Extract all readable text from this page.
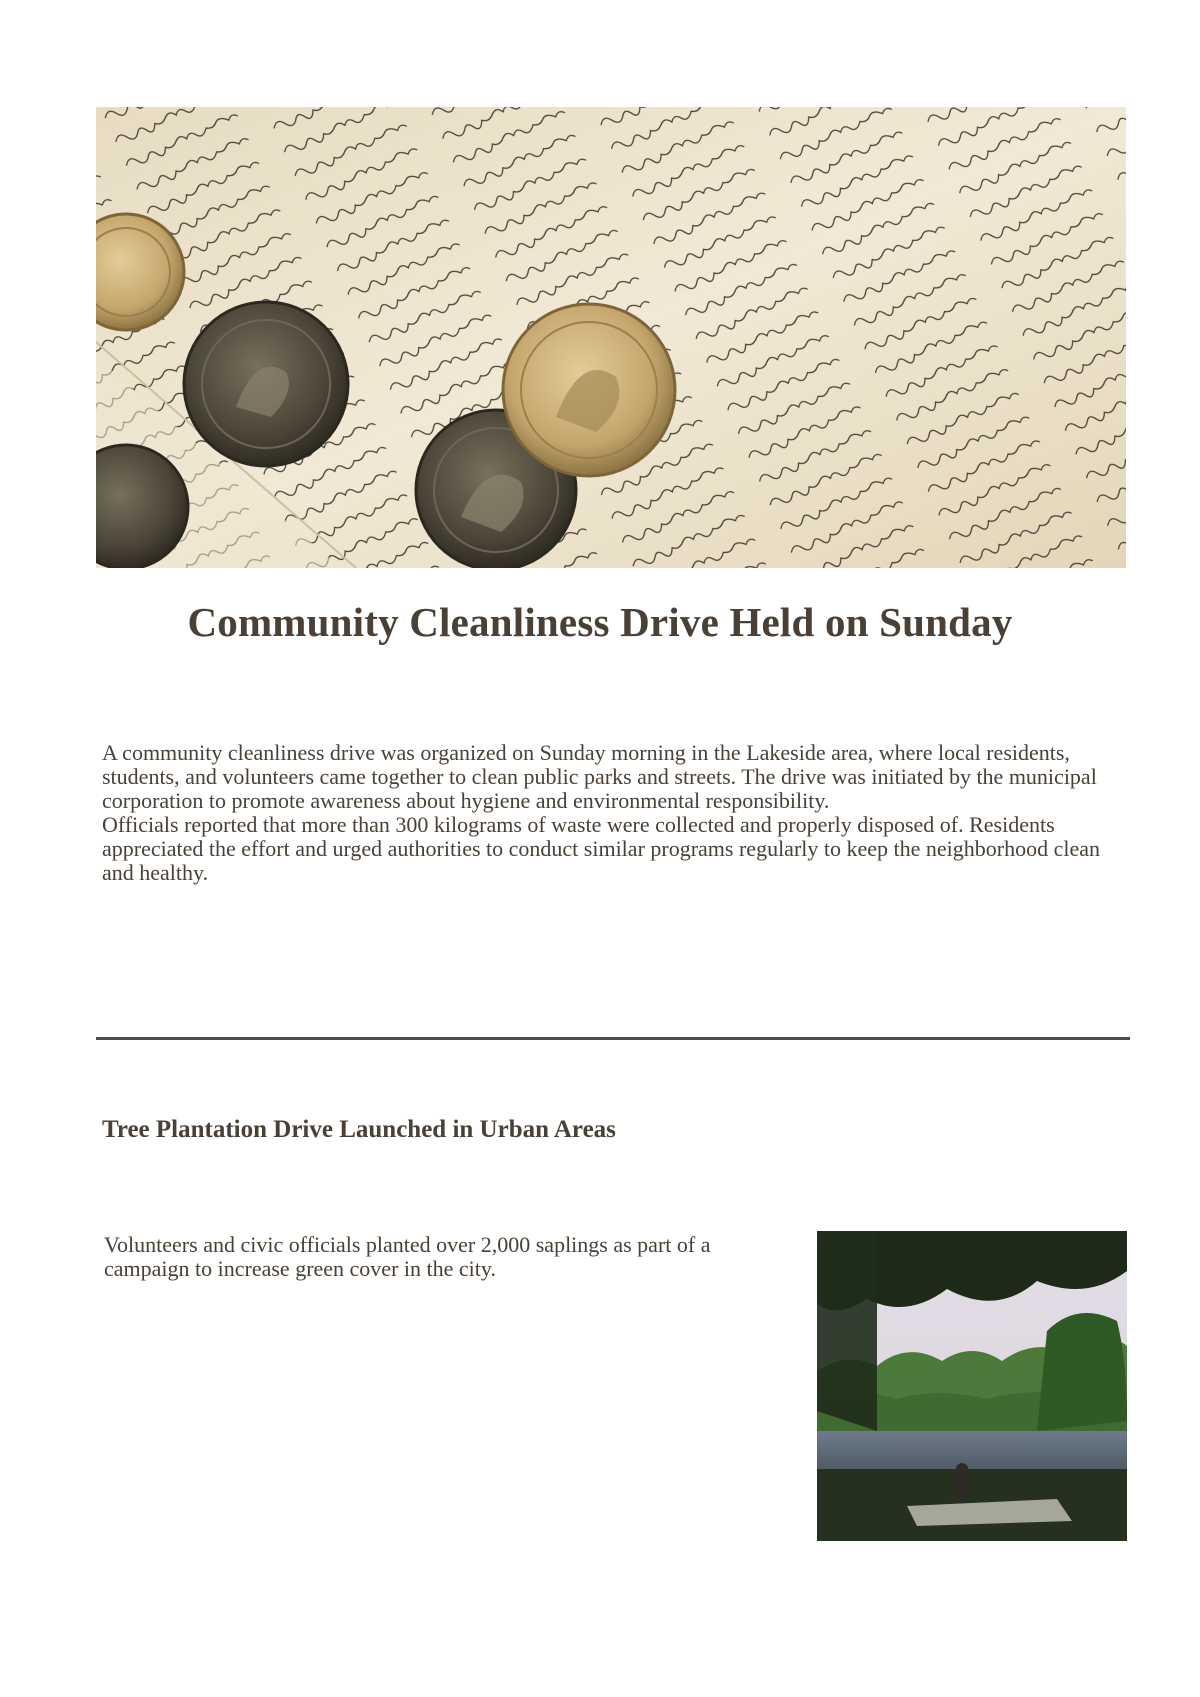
Community Cleanliness Drive Held on Sunday

A community cleanliness drive was organized on Sunday morning in the Lakeside area, where local residents, students, and volunteers came together to clean public parks and streets. The drive was initiated by the municipal corporation to promote awareness about hygiene and environmental responsibility.

Officials reported that more than 300 kilograms of waste were collected and properly disposed of. Residents appreciated the effort and urged authorities to conduct similar programs regularly to keep the neighborhood clean and healthy.

Tree Plantation Drive Launched in Urban Areas

Volunteers and civic officials planted over 2,000 saplings as part of a campaign to increase green cover in the city.
